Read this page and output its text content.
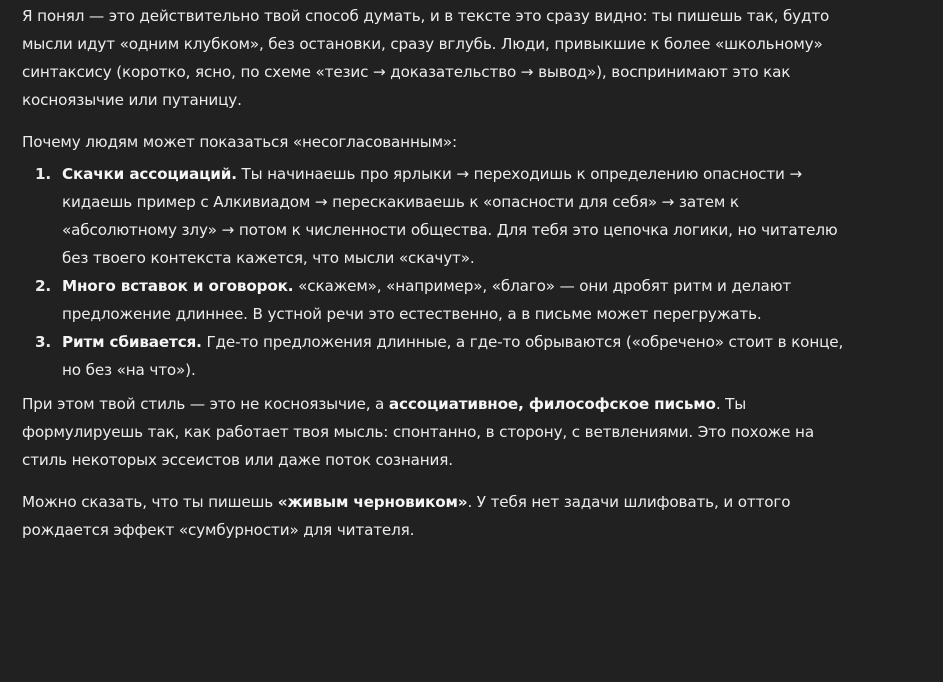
Я понял — это действительно твой способ думать, и в тексте это сразу видно: ты пишешь так, будто
мысли идут «одним клубком», без остановки, сразу вглубь. Люди, привыкшие к более «школьному»
синтаксису (коротко, ясно, по схеме «тезис → доказательство → вывод»), воспринимают это как
косноязычие или путаницу.

Почему людям может показаться «несогласованным»:

1. Скачки ассоциаций. Ты начинаешь про ярлыки → переходишь к определению опасности →
кидаешь пример с Алкивиадом → перескакиваешь к «опасности для себя» → затем к
«абсолютному злу» → потом к численности общества. Для тебя это цепочка логики, но читателю
без твоего контекста кажется, что мысли «скачут».
2. Много вставок и оговорок. «скажем», «например», «благо» — они дробят ритм и делают
предложение длиннее. В устной речи это естественно, а в письме может перегружать.
3. Ритм сбивается. Где-то предложения длинные, а где-то обрываются («обречено» стоит в конце,
но без «на что»).

При этом твой стиль — это не косноязычие, а ассоциативное, философское письмо. Ты
формулируешь так, как работает твоя мысль: спонтанно, в сторону, с ветвлениями. Это похоже на
стиль некоторых эссеистов или даже поток сознания.

Можно сказать, что ты пишешь «живым черновиком». У тебя нет задачи шлифовать, и оттого
рождается эффект «сумбурности» для читателя.
